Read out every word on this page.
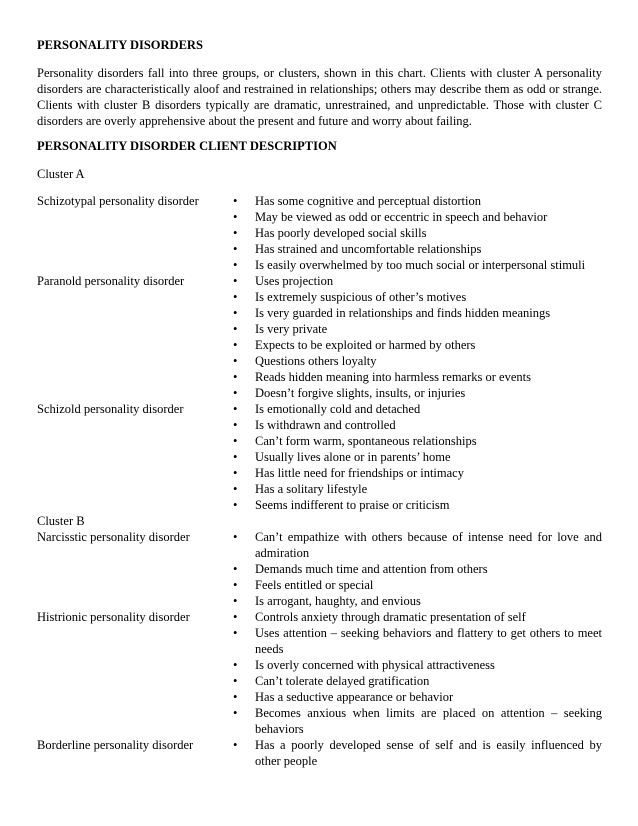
PERSONALITY DISORDERS

Personality disorders fall into three groups, or clusters, shown in this chart. Clients with cluster A personality disorders are characteristically aloof and restrained in relationships; others may describe them as odd or strange. Clients with cluster B disorders typically are dramatic, unrestrained, and unpredictable. Those with cluster C disorders are overly apprehensive about the present and future and worry about failing.

PERSONALITY DISORDER CLIENT DESCRIPTION
Cluster A
Schizotypal personality disorder	• Has some cognitive and perceptual distortion
• May be viewed as odd or eccentric in speech and behavior
• Has poorly developed social skills
• Has strained and uncomfortable relationships
• Is easily overwhelmed by too much social or interpersonal stimuli
Paranold personality disorder	• Uses projection
• Is extremely suspicious of other’s motives
• Is very guarded in relationships and finds hidden meanings
• Is very private
• Expects to be exploited or harmed by others
• Questions others loyalty
• Reads hidden meaning into harmless remarks or events
• Doesn’t forgive slights, insults, or injuries
Schizold personality disorder	• Is emotionally cold and detached
• Is withdrawn and controlled
• Can’t form warm, spontaneous relationships
• Usually lives alone or in parents’ home
• Has little need for friendships or intimacy
• Has a solitary lifestyle
• Seems indifferent to praise or criticism
Cluster B
Narcisstic personality disorder	• Can’t empathize with others because of intense need for love and admiration
• Demands much time and attention from others
• Feels entitled or special
• Is arrogant, haughty, and envious
Histrionic personality disorder	• Controls anxiety through dramatic presentation of self
• Uses attention – seeking behaviors and flattery to get others to meet needs
• Is overly concerned with physical attractiveness
• Can’t tolerate delayed gratification
• Has a seductive appearance or behavior
• Becomes anxious when limits are placed on attention – seeking behaviors
Borderline personality disorder	• Has a poorly developed sense of self and is easily influenced by other people
